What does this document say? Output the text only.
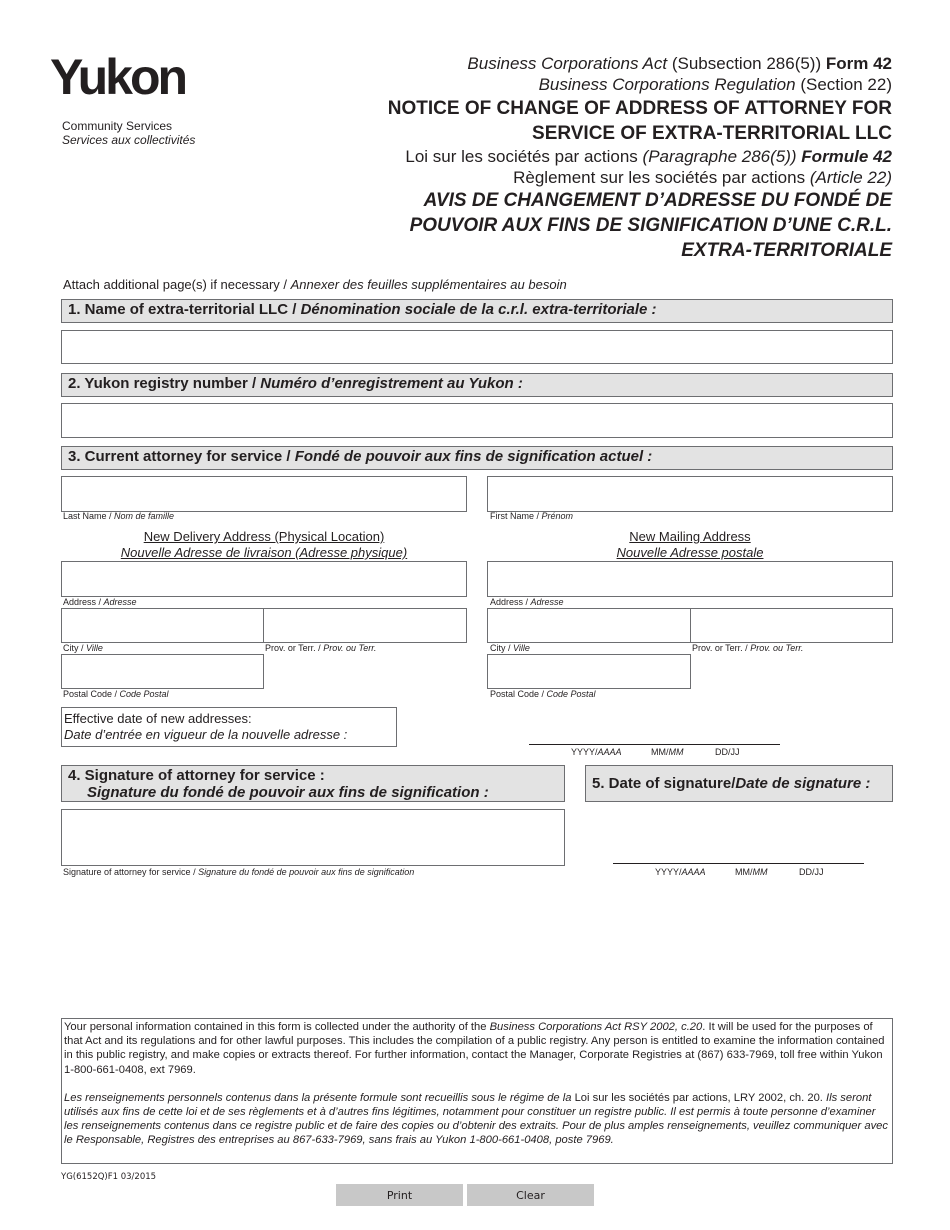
Yukon
Community Services
Services aux collectivités
Business Corporations Act (Subsection 286(5)) Form 42
Business Corporations Regulation (Section 22)
NOTICE OF CHANGE OF ADDRESS OF ATTORNEY FOR
SERVICE OF EXTRA-TERRITORIAL LLC
Loi sur les sociétés par actions (Paragraphe 286(5)) Formule 42
Règlement sur les sociétés par actions (Article 22)
AVIS DE CHANGEMENT D’ADRESSE DU FONDÉ DE
POUVOIR AUX FINS DE SIGNIFICATION D’UNE C.R.L.
EXTRA-TERRITORIALE
Attach additional page(s) if necessary / Annexer des feuilles supplémentaires au besoin
1. Name of extra-territorial LLC / Dénomination sociale de la c.r.l. extra-territoriale :
2. Yukon registry number / Numéro d’enregistrement au Yukon :
3. Current attorney for service / Fondé de pouvoir aux fins de signification actuel :
Last Name / Nom de famille	First Name / Prénom
New Delivery Address (Physical Location)
Nouvelle Adresse de livraison (Adresse physique)
New Mailing Address
Nouvelle Adresse postale
Address / Adresse
City / Ville	Prov. or Terr. / Prov. ou Terr.
Postal Code / Code Postal
Address / Adresse
City / Ville	Prov. or Terr. / Prov. ou Terr.
Postal Code / Code Postal
Effective date of new addresses:
Date d’entrée en vigueur de la nouvelle adresse :
YYYY/AAAA	MM/MM	DD/JJ
4. Signature of attorney for service :
Signature du fondé de pouvoir aux fins de signification :
Signature of attorney for service / Signature du fondé de pouvoir aux fins de signification
5. Date of signature/Date de signature :
YYYY/AAAA	MM/MM	DD/JJ

Your personal information contained in this form is collected under the authority of the Business Corporations Act RSY 2002, c.20. It will be used for the purposes of that Act and its regulations and for other lawful purposes. This includes the compilation of a public registry. Any person is entitled to examine the information contained in this public registry, and make copies or extracts thereof. For further information, contact the Manager, Corporate Registries at (867) 633-7969, toll free within Yukon 1-800-661-0408, ext 7969.

Les renseignements personnels contenus dans la présente formule sont recueillis sous le régime de la Loi sur les sociétés par actions, LRY 2002, ch. 20. Ils seront utilisés aux fins de cette loi et de ses règlements et à d’autres fins légitimes, notamment pour constituer un registre public. Il est permis à toute personne d’examiner les renseignements contenus dans ce registre public et de faire des copies ou d’obtenir des extraits. Pour de plus amples renseignements, veuillez communiquer avec le Responsable, Registres des entreprises au 867-633-7969, sans frais au Yukon 1-800-661-0408, poste 7969.

YG(6152Q)F1 03/2015
Print	Clear
